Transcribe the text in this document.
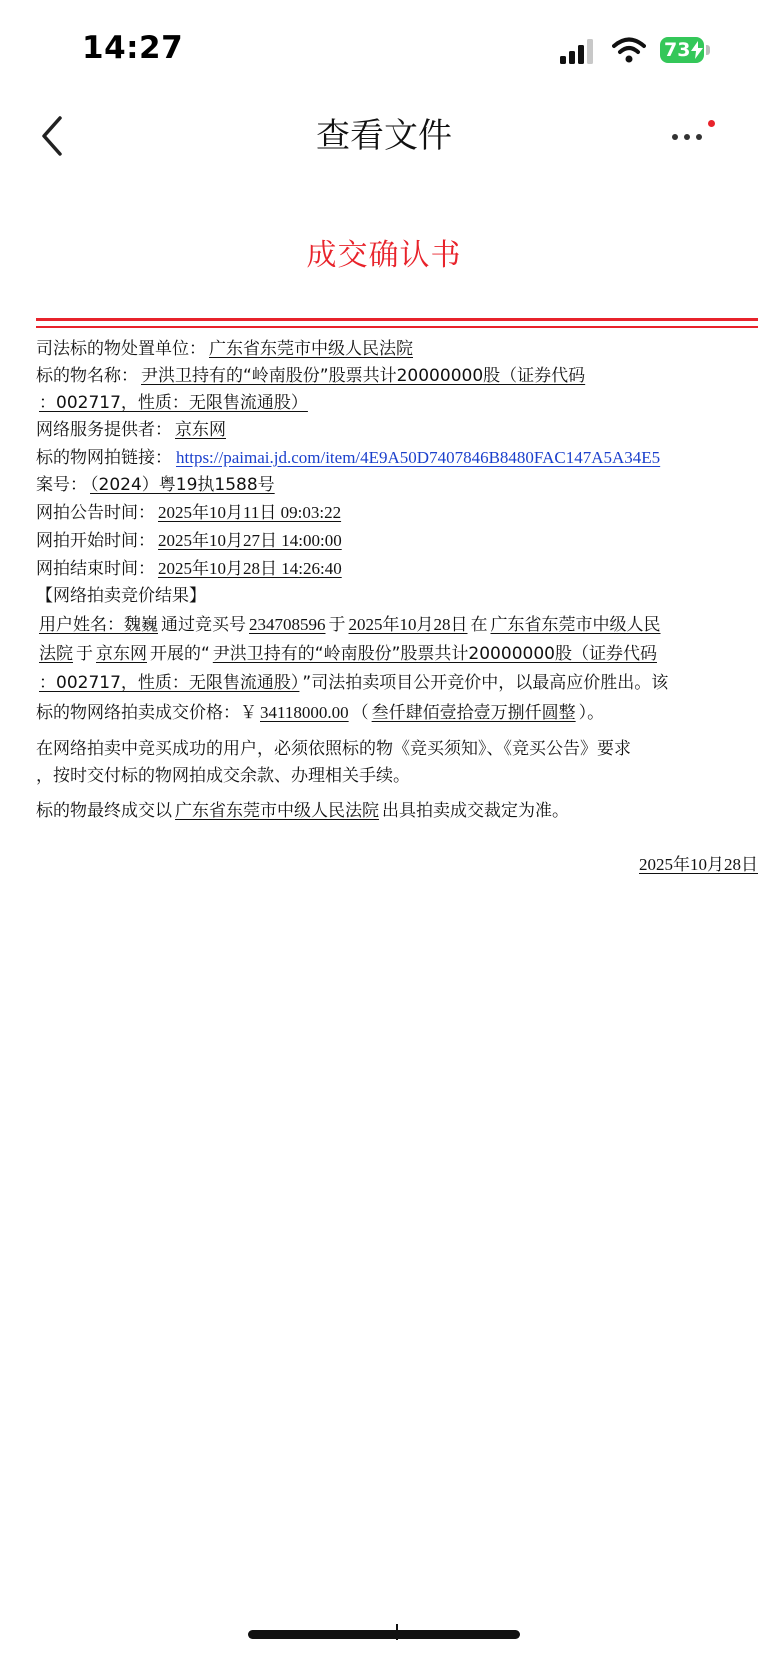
14:27	73
查看文件
成交确认书
司法标的物处置单位： 广东省东莞市中级人民法院
标的物名称： 尹洪卫持有的“岭南股份”股票共计20000000股（证券代码
：002717，性质：无限售流通股）
网络服务提供者： 京东网
标的物网拍链接： https://paimai.jd.com/item/4E9A50D7407846B8480FAC147A5A34E5
案号： （2024）粤19执1588号
网拍公告时间： 2025年10月11日 09:03:22
网拍开始时间： 2025年10月27日 14:00:00
网拍结束时间： 2025年10月28日 14:26:40
【网络拍卖竞价结果】
用户姓名：魏巍 通过竞买号 234708596 于 2025年10月28日 在 广东省东莞市中级人民
法院 于 京东网 开展的“ 尹洪卫持有的“岭南股份”股票共计20000000股（证券代码
：002717，性质：无限售流通股） ”司法拍卖项目公开竞价中，以最高应价胜出。该
标的物网络拍卖成交价格：￥ 34118000.00 （ 叁仟肆佰壹拾壹万捌仟圆整 ）。
在网络拍卖中竞买成功的用户，必须依照标的物《竞买须知》、《竞买公告》要求
，按时交付标的物网拍成交余款、办理相关手续。
标的物最终成交以 广东省东莞市中级人民法院 出具拍卖成交裁定为准。
2025年10月28日
